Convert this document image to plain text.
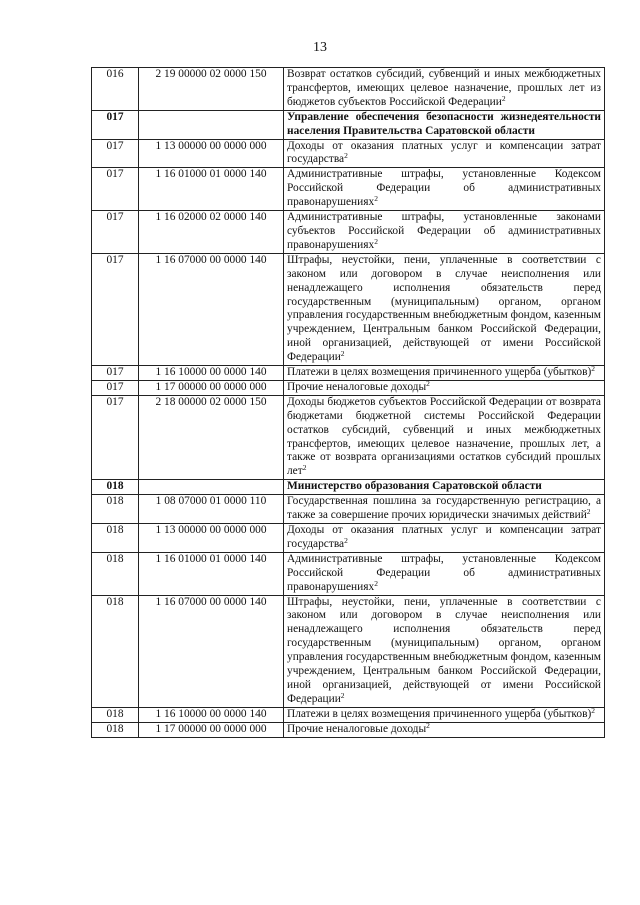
13
016	2 19 00000 02 0000 150	Возврат остатков субсидий, субвенций и иных межбюджетных трансфертов, имеющих целевое назначение, прошлых лет из бюджетов субъектов Российской Федерации$^2$
017		Управление обеспечения безопасности жизнедеятельности населения Правительства Саратовской области
017	1 13 00000 00 0000 000	Доходы от оказания платных услуг и компенсации затрат государства$^2$
017	1 16 01000 01 0000 140	Административные штрафы, установленные Кодексом Российской Федерации об административных правонарушениях$^2$
017	1 16 02000 02 0000 140	Административные штрафы, установленные законами субъектов Российской Федерации об административных правонарушениях$^2$
017	1 16 07000 00 0000 140	Штрафы, неустойки, пени, уплаченные в соответствии с законом или договором в случае неисполнения или ненадлежащего исполнения обязательств перед государственным (муниципальным) органом, органом управления государственным внебюджетным фондом, казенным учреждением, Центральным банком Российской Федерации, иной организацией, действующей от имени Российской Федерации$^2$
017	1 16 10000 00 0000 140	Платежи в целях возмещения причиненного ущерба (убытков)$^2$
017	1 17 00000 00 0000 000	Прочие неналоговые доходы$^2$
017	2 18 00000 02 0000 150	Доходы бюджетов субъектов Российской Федерации от возврата бюджетами бюджетной системы Российской Федерации остатков субсидий, субвенций и иных межбюджетных трансфертов, имеющих целевое назначение, прошлых лет, а также от возврата организациями остатков субсидий прошлых лет$^2$
018		Министерство образования Саратовской области
018	1 08 07000 01 0000 110	Государственная пошлина за государственную регистрацию, а также за совершение прочих юридически значимых действий$^2$
018	1 13 00000 00 0000 000	Доходы от оказания платных услуг и компенсации затрат государства$^2$
018	1 16 01000 01 0000 140	Административные штрафы, установленные Кодексом Российской Федерации об административных правонарушениях$^2$
018	1 16 07000 00 0000 140	Штрафы, неустойки, пени, уплаченные в соответствии с законом или договором в случае неисполнения или ненадлежащего исполнения обязательств перед государственным (муниципальным) органом, органом управления государственным внебюджетным фондом, казенным учреждением, Центральным банком Российской Федерации, иной организацией, действующей от имени Российской Федерации$^2$
018	1 16 10000 00 0000 140	Платежи в целях возмещения причиненного ущерба (убытков)$^2$
018	1 17 00000 00 0000 000	Прочие неналоговые доходы$^2$
